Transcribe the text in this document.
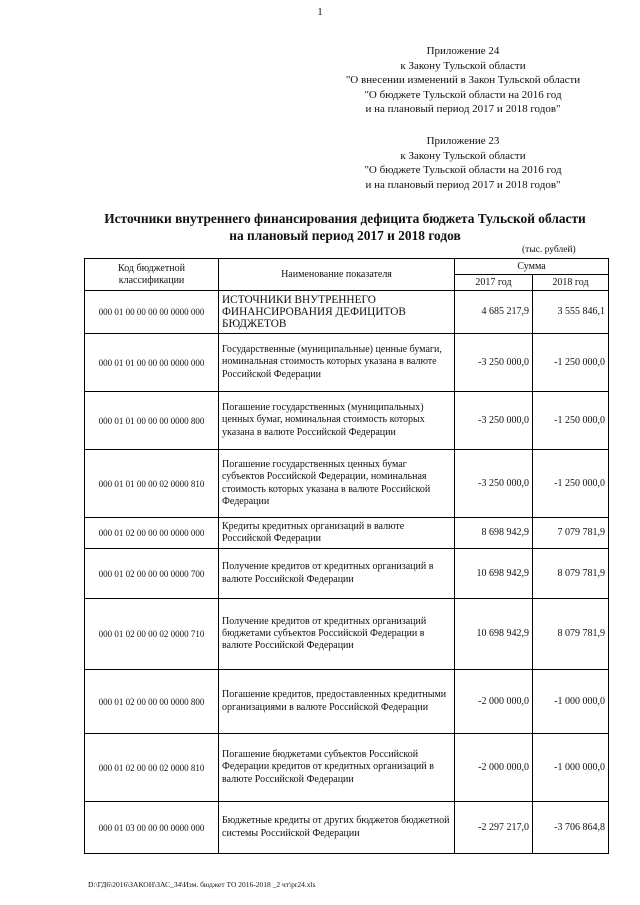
1
Приложение 24
к Закону Тульской области
"О внесении изменений в Закон Тульской области
"О бюджете Тульской области на 2016 год
и на плановый период 2017 и 2018 годов"
Приложение 23
к Закону Тульской области
"О бюджете Тульской области на 2016 год
и на плановый период 2017 и 2018 годов"
Источники внутреннего финансирования дефицита бюджета Тульской области
на плановый период 2017 и 2018 годов
(тыс. рублей)
Код бюджетной классификации	Наименование показателя	Сумма	
		2017 год	2018 год
000 01 00 00 00 00 0000 000	ИСТОЧНИКИ ВНУТРЕННЕГО ФИНАНСИРОВАНИЯ ДЕФИЦИТОВ БЮДЖЕТОВ	4 685 217,9	3 555 846,1
000 01 01 00 00 00 0000 000	Государственные (муниципальные) ценные бумаги, номинальная стоимость которых указана в валюте Российской Федерации	-3 250 000,0	-1 250 000,0
000 01 01 00 00 00 0000 800	Погашение государственных (муниципальных) ценных бумаг, номинальная стоимость которых указана в валюте Российской Федерации	-3 250 000,0	-1 250 000,0
000 01 01 00 00 02 0000 810	Погашение государственных ценных бумаг субъектов Российской Федерации, номинальная стоимость которых указана в валюте Российской Федерации	-3 250 000,0	-1 250 000,0
000 01 02 00 00 00 0000 000	Кредиты кредитных организаций в валюте Российской Федерации	8 698 942,9	7 079 781,9
000 01 02 00 00 00 0000 700	Получение кредитов от кредитных организаций в валюте Российской Федерации	10 698 942,9	8 079 781,9
000 01 02 00 00 02 0000 710	Получение кредитов от кредитных организаций бюджетами субъектов Российской Федерации в валюте Российской Федерации	10 698 942,9	8 079 781,9
000 01 02 00 00 00 0000 800	Погашение кредитов, предоставленных кредитными организациями в валюте Российской Федерации	-2 000 000,0	-1 000 000,0
000 01 02 00 00 02 0000 810	Погашение бюджетами субъектов Российской Федерации кредитов от кредитных организаций в валюте Российской Федерации	-2 000 000,0	-1 000 000,0
000 01 03 00 00 00 0000 000	Бюджетные кредиты от других бюджетов бюджетной системы Российской Федерации	-2 297 217,0	-3 706 864,8
D:\ГД6\2016\ЗАКОН\ЗАС_34\Изм. бюджет ТО 2016-2018 _2 чт\pr24.xls
